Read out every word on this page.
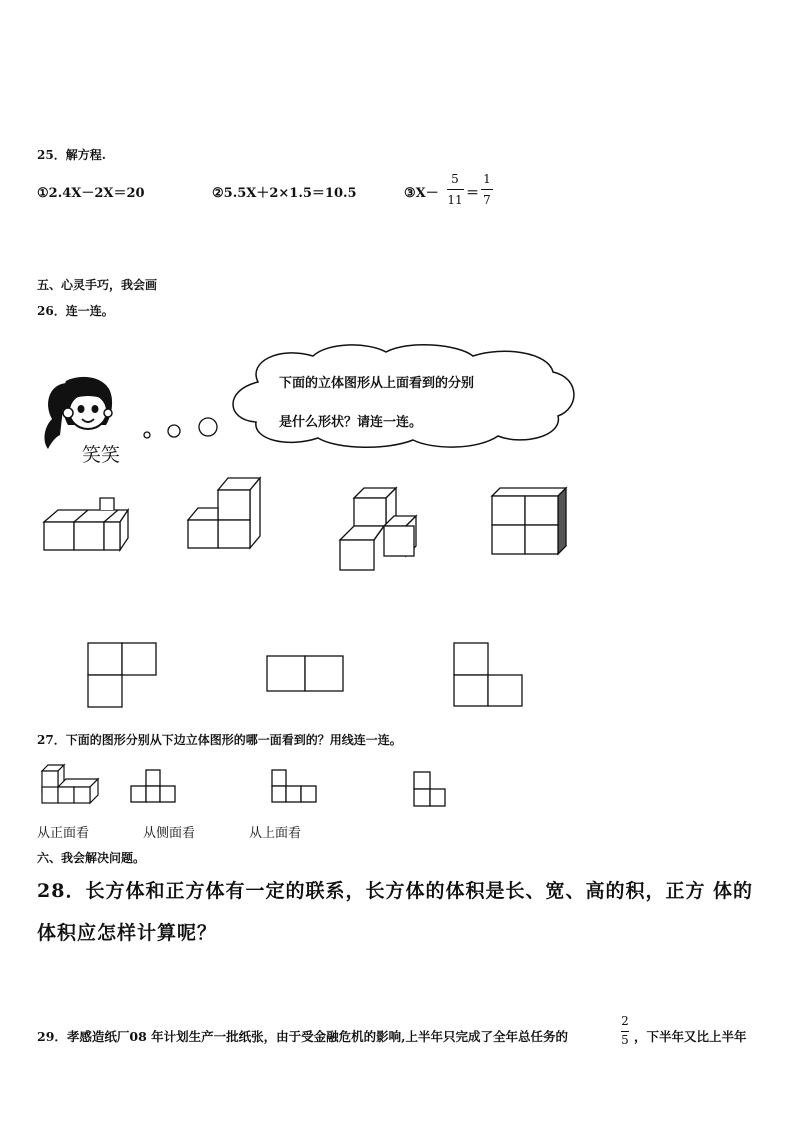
25．解方程.
①2.4X－2X＝20	②5.5X＋2×1.5＝10.5	③X－
5
11 ＝
1
7
五、心灵手巧，我会画
26．连一连。
笑笑
下面的立体图形从上面看到的分别
是什么形状？请连一连。
27．下面的图形分别从下边立体图形的哪一面看到的？用线连一连。
从正面看	从侧面看	从上面看
六、我会解决问题。
28．长方体和正方体有一定的联系，长方体的体积是长、宽、高的积，正方 体的
体积应怎样计算呢？
29．孝感造纸厂08 年计划生产一批纸张，由于受金融危机的影响,上半年只完成了全年总任务的
2
5 ，下半年又比上半年
